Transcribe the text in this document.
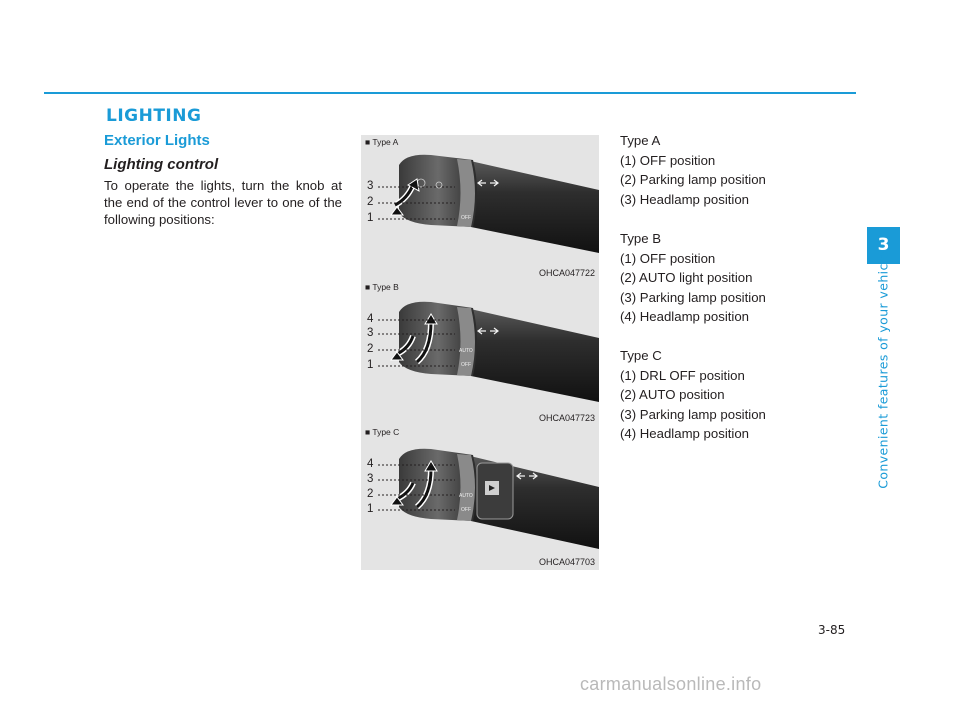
LIGHTING
Exterior Lights
Lighting control
To operate the lights, turn the knob at the end of the control lever to one of the following positions:	OFF
■ Type A
3
2
1
OHCA047722
AUTO
OFF
■ Type B
4
3
2
1
OHCA047723
AUTO
OFF
■ Type C
4
3
2
1
OHCA047703
Type A
(1) OFF position
(2) Parking lamp position
(3) Headlamp position
Type B
(1) OFF position
(2) AUTO light position
(3) Parking lamp position
(4) Headlamp position
Type C
(1) DRL OFF position
(2) AUTO position
(3) Parking lamp position
(4) Headlamp position
3
Convenient features of your vehicle
3-85
carmanualsonline.info
